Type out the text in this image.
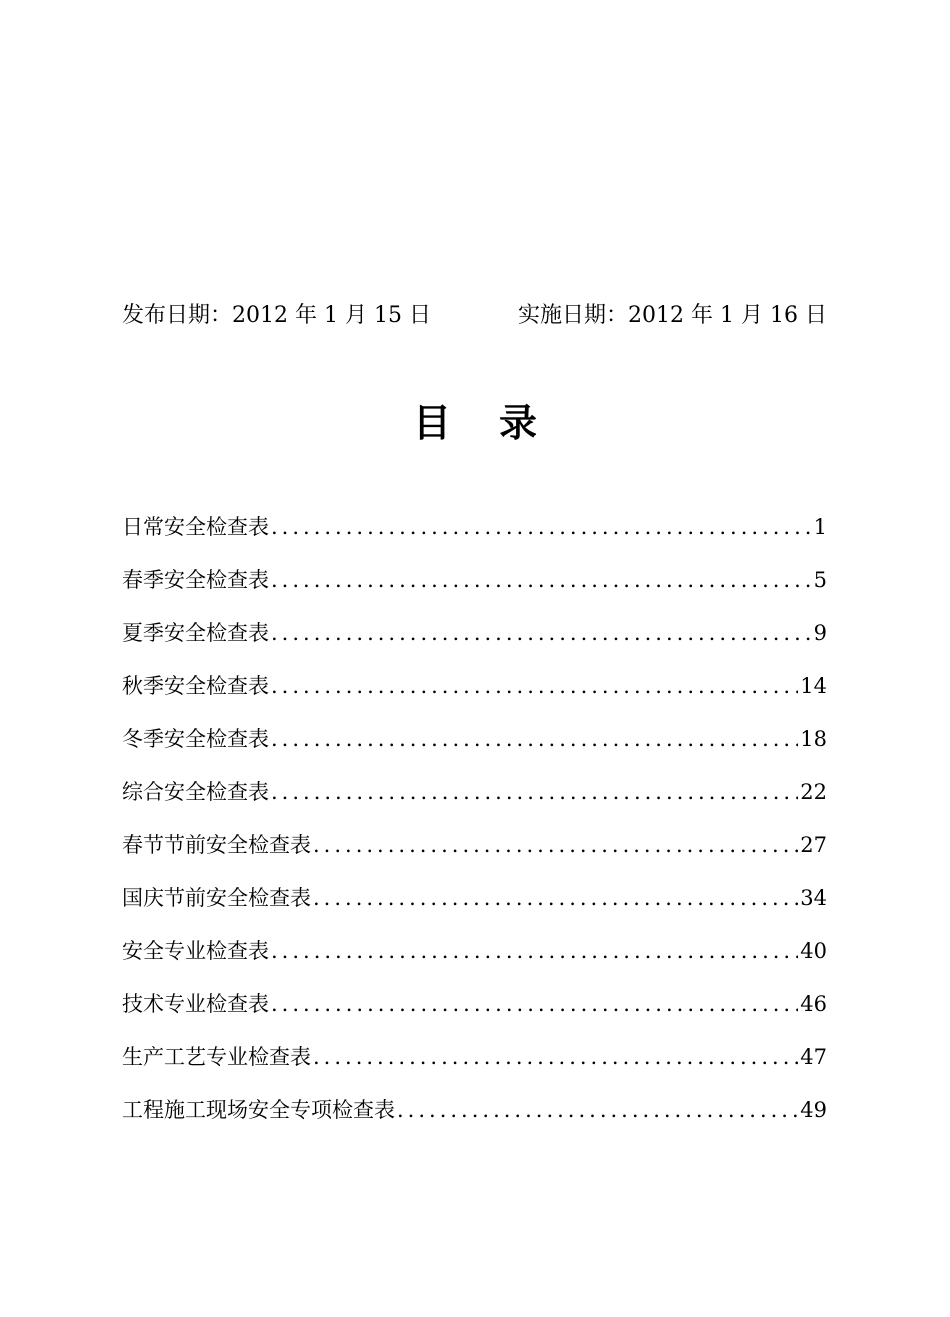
发布日期：2012 年 1 月 15 日	实施日期：2012 年 1 月 16 日
目录
日常安全检查表 .....	1
春季安全检查表 .....	5
夏季安全检查表 .....	9
秋季安全检查表 .....	14
冬季安全检查表 .....	18
综合安全检查表 .....	22
春节节前安全检查表 .....	27
国庆节前安全检查表 .....	34
安全专业检查表 .....	40
技术专业检查表 .....	46
生产工艺专业检查表 .....	47
工程施工现场安全专项检查表 .....	49
